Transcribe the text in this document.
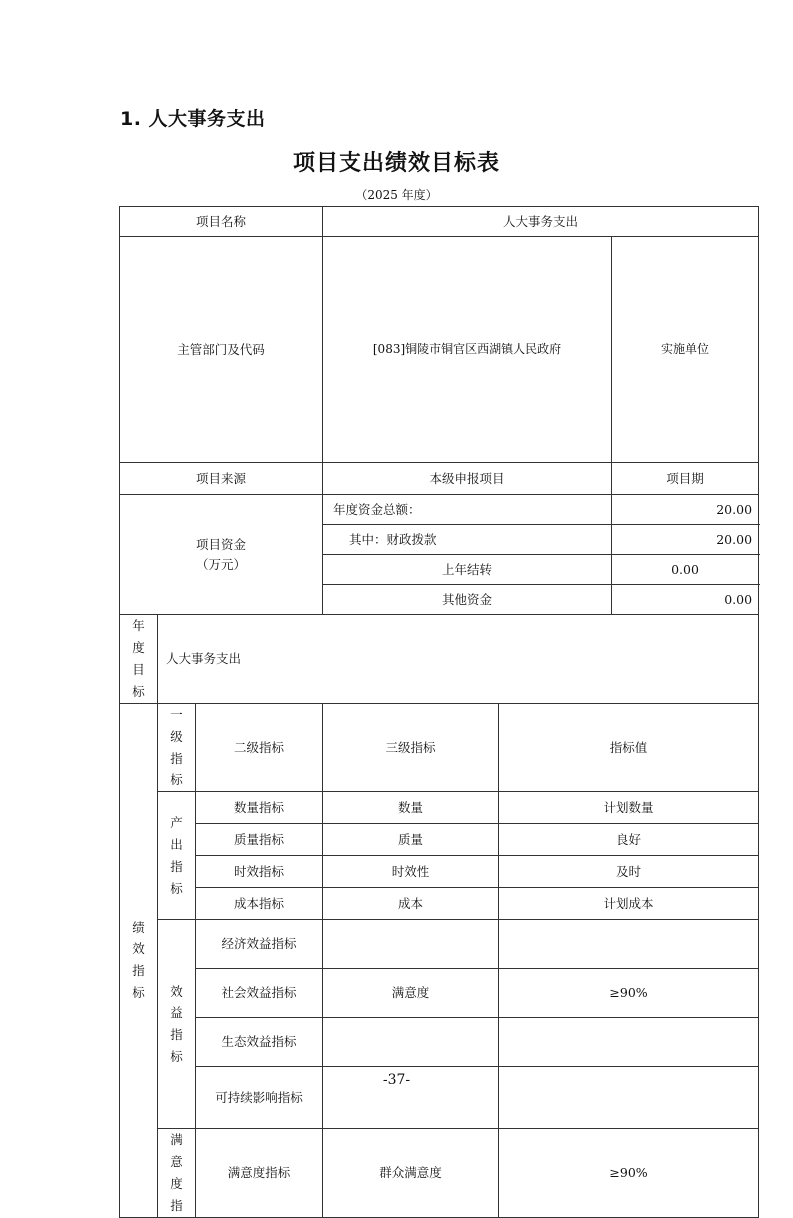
1. 人大事务支出
项目支出绩效目标表
（2025 年度）
项目名称			人大事务支出			
主管部门及代码			[083]铜陵市铜官区西湖镇人民政府		实施单位	
项目来源			本级申报项目		项目期	

项目资金
（万元）			年度资金总额：		20.00	
			其中：财政拨款		20.00	
			上年结转		0.00	
			其他资金		0.00	

年
度
目
标	人大事务支出					

绩
效
指
标	一
级
指
标	二级指标	三级指标	指标值		

	产
出
指
标	数量指标	数量	计划数量		
		质量指标	质量	良好		
		时效指标	时效性	及时		
		成本指标	成本	计划成本		

	效
益
指
标	经济效益指标				
		社会效益指标	满意度	≥90%		
		生态效益指标				
		可持续影响指标				

	满
意
度
指	满意度指标	群众满意度	≥90%		
-37-
